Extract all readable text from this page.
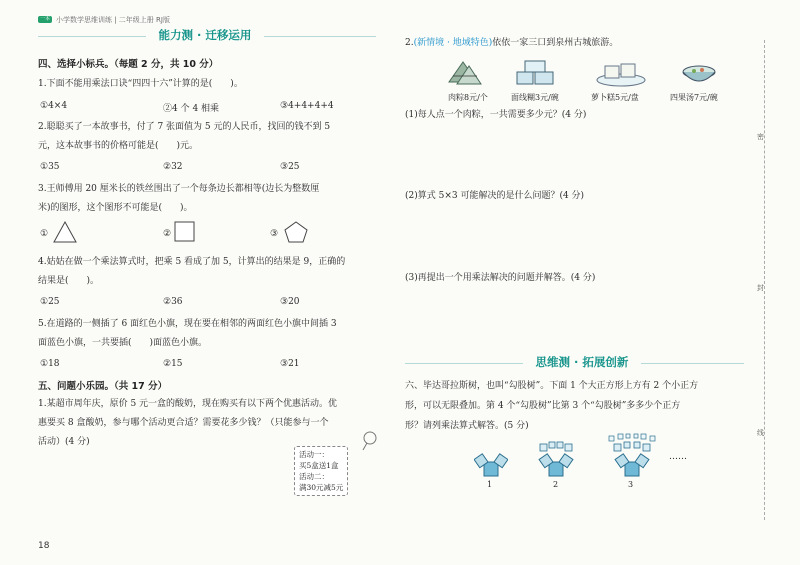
一本 小学数学思维训练 | 二年级上册 RJ版
能力测 · 迁移运用
四、选择小标兵。（每题 2 分，共 10 分）
1.下面不能用乘法口诀“四四十六”计算的是(　　)。
①4×4	②4 个 4 相乘	③4+4+4+4
2.聪聪买了一本故事书，付了 7 张面值为 5 元的人民币，找回的钱不到 5
元，这本故事书的价格可能是(　　)元。
①35	②32	③25
3.王师傅用 20 厘米长的铁丝围出了一个每条边长都相等(边长为整数厘
米)的图形，这个图形不可能是(　　)。
①	②	③
4.姑姑在做一个乘法算式时，把乘 5 看成了加 5，计算出的结果是 9，正确的
结果是(　　)。
①25	②36	③20
5.在道路的一侧插了 6 面红色小旗，现在要在相邻的两面红色小旗中间插 3
面蓝色小旗，一共要插(　　)面蓝色小旗。
①18	②15	③21
五、问题小乐园。（共 17 分）
1.某超市周年庆，原价 5 元一盒的酸奶，现在购买有以下两个优惠活动。优
惠要买 8 盒酸奶，参与哪个活动更合适？需要花多少钱？（只能参与一个
活动）(4 分)
活动一：
买5盒送1盒
活动二：
满30元减5元
18
2.(新情境 · 地域特色)依依一家三口到泉州古城旅游。
肉粽8元/个	面线糊3元/碗	萝卜糕5元/盘	四果汤7元/碗
(1)每人点一个肉粽，一共需要多少元？(4 分)
(2)算式 5×3 可能解决的是什么问题？(4 分)
(3)再提出一个用乘法解决的问题并解答。(4 分)
思维测 · 拓展创新
六、毕达哥拉斯树，也叫“勾股树”。下面 1 个大正方形上方有 2 个小正方
形，可以无限叠加。第 4 个“勾股树”比第 3 个“勾股树”多多少个正方
形？请列乘法算式解答。(5 分)
……
1	2	3
密
封
线
